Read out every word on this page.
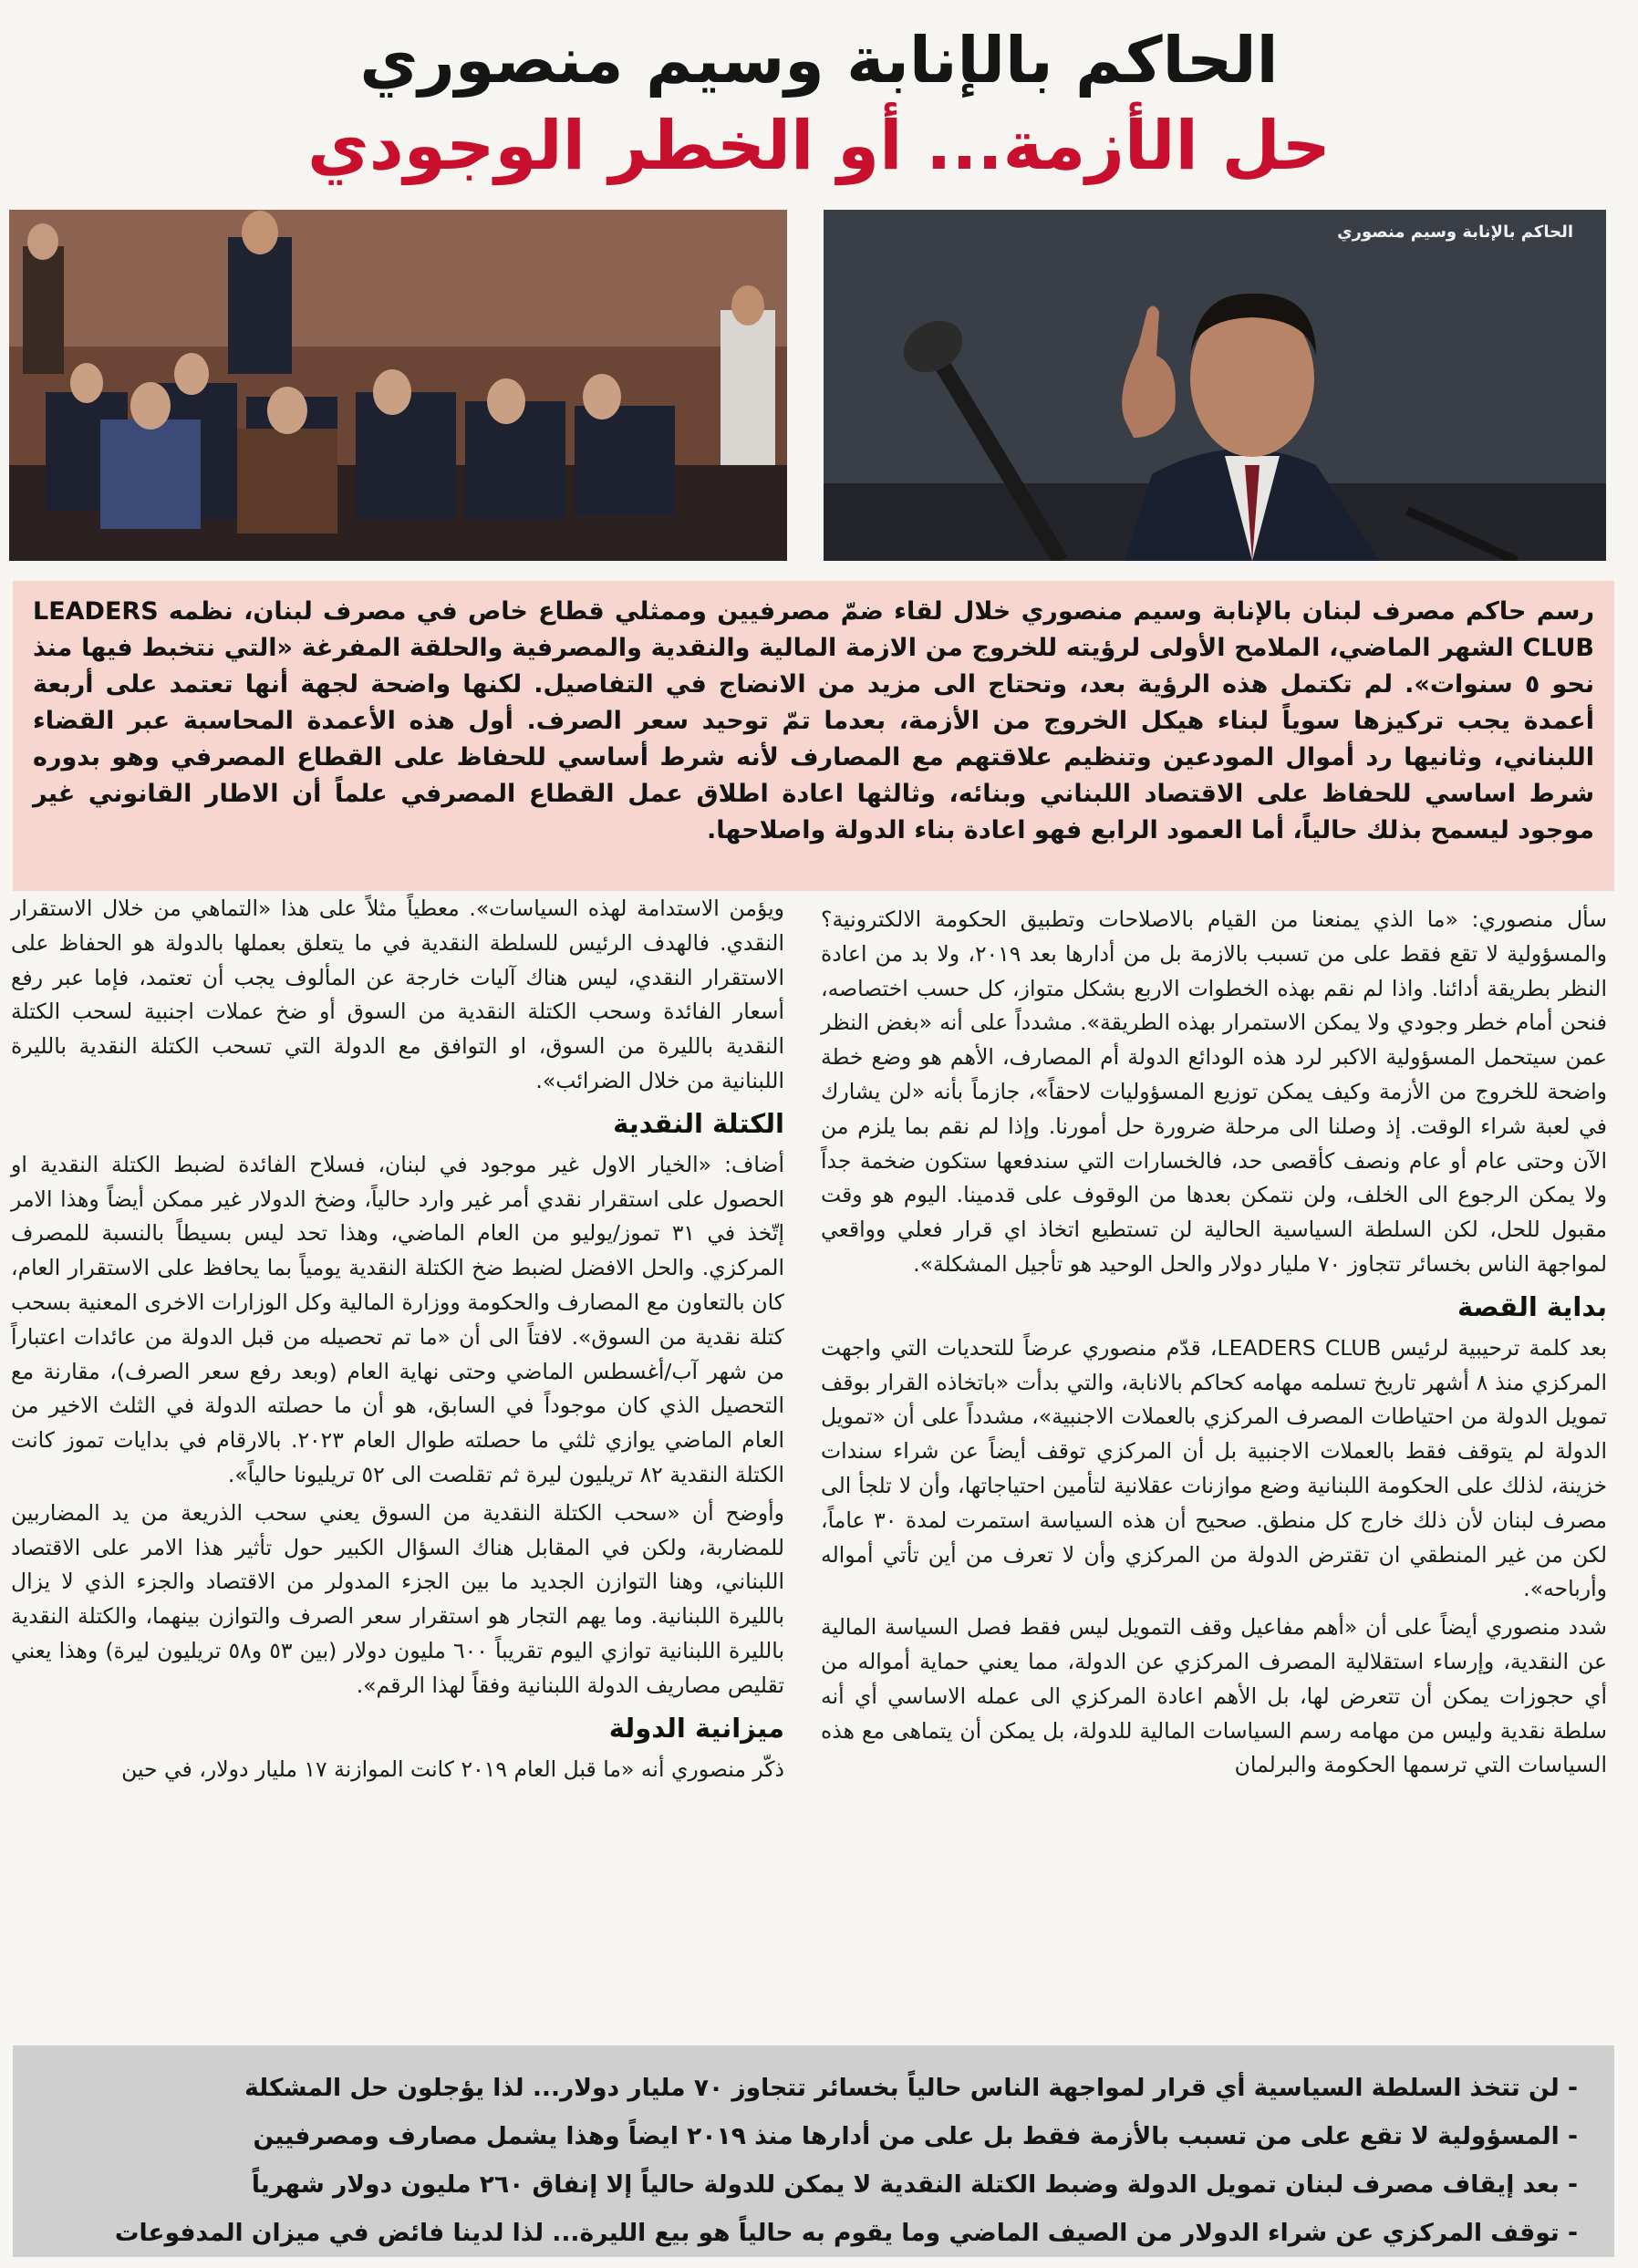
الحاكم بالإنابة وسيم منصوري
حل الأزمة... أو الخطر الوجودي
الحاكم بالإنابة وسيم منصوري

رسم حاكم مصرف لبنان بالإنابة وسيم منصوري خلال لقاء ضمّ مصرفيين وممثلي قطاع خاص في مصرف لبنان، نظمه LEADERS CLUB الشهر الماضي، الملامح الأولى لرؤيته للخروج من الازمة المالية والنقدية والمصرفية والحلقة المفرغة «التي نتخبط فيها منذ نحو ٥ سنوات». لم تكتمل هذه الرؤية بعد، وتحتاج الى مزيد من الانضاج في التفاصيل. لكنها واضحة لجهة أنها تعتمد على أربعة أعمدة يجب تركيزها سوياً لبناء هيكل الخروج من الأزمة، بعدما تمّ توحيد سعر الصرف. أول هذه الأعمدة المحاسبة عبر القضاء اللبناني، وثانيها رد أموال المودعين وتنظيم علاقتهم مع المصارف لأنه شرط أساسي للحفاظ على القطاع المصرفي وهو بدوره شرط اساسي للحفاظ على الاقتصاد اللبناني وبنائه، وثالثها اعادة اطلاق عمل القطاع المصرفي علماً أن الاطار القانوني غير موجود ليسمح بذلك حالياً، أما العمود الرابع فهو اعادة بناء الدولة واصلاحها.

سأل منصوري: «ما الذي يمنعنا من القيام بالاصلاحات وتطبيق الحكومة الالكترونية؟ والمسؤولية لا تقع فقط على من تسبب بالازمة بل من أدارها بعد ٢٠١٩، ولا بد من اعادة النظر بطريقة أدائنا. واذا لم نقم بهذه الخطوات الاربع بشكل متواز، كل حسب اختصاصه، فنحن أمام خطر وجودي ولا يمكن الاستمرار بهذه الطريقة». مشدداً على أنه «بغض النظر عمن سيتحمل المسؤولية الاكبر لرد هذه الودائع الدولة أم المصارف، الأهم هو وضع خطة واضحة للخروج من الأزمة وكيف يمكن توزيع المسؤوليات لاحقاً»، جازماً بأنه «لن يشارك في لعبة شراء الوقت. إذ وصلنا الى مرحلة ضرورة حل أمورنا. وإذا لم نقم بما يلزم من الآن وحتى عام أو عام ونصف كأقصى حد، فالخسارات التي سندفعها ستكون ضخمة جداً ولا يمكن الرجوع الى الخلف، ولن نتمكن بعدها من الوقوف على قدمينا. اليوم هو وقت مقبول للحل، لكن السلطة السياسية الحالية لن تستطيع اتخاذ اي قرار فعلي وواقعي لمواجهة الناس بخسائر تتجاوز ٧٠ مليار دولار والحل الوحيد هو تأجيل المشكلة».

بداية القصة

بعد كلمة ترحيبية لرئيس LEADERS CLUB، قدّم منصوري عرضاً للتحديات التي واجهت المركزي منذ ٨ أشهر تاريخ تسلمه مهامه كحاكم بالانابة، والتي بدأت «باتخاذه القرار بوقف تمويل الدولة من احتياطات المصرف المركزي بالعملات الاجنبية»، مشدداً على أن «تمويل الدولة لم يتوقف فقط بالعملات الاجنبية بل أن المركزي توقف أيضاً عن شراء سندات خزينة، لذلك على الحكومة اللبنانية وضع موازنات عقلانية لتأمين احتياجاتها، وأن لا تلجأ الى مصرف لبنان لأن ذلك خارج كل منطق. صحيح أن هذه السياسة استمرت لمدة ٣٠ عاماً، لكن من غير المنطقي ان تقترض الدولة من المركزي وأن لا تعرف من أين تأتي أمواله وأرباحه».

شدد منصوري أيضاً على أن «أهم مفاعيل وقف التمويل ليس فقط فصل السياسة المالية عن النقدية، وإرساء استقلالية المصرف المركزي عن الدولة، مما يعني حماية أمواله من أي حجوزات يمكن أن تتعرض لها، بل الأهم اعادة المركزي الى عمله الاساسي أي أنه سلطة نقدية وليس من مهامه رسم السياسات المالية للدولة، بل يمكن أن يتماهى مع هذه السياسات التي ترسمها الحكومة والبرلمان

ويؤمن الاستدامة لهذه السياسات». معطياً مثلاً على هذا «التماهي من خلال الاستقرار النقدي. فالهدف الرئيس للسلطة النقدية في ما يتعلق بعملها بالدولة هو الحفاظ على الاستقرار النقدي، ليس هناك آليات خارجة عن المألوف يجب أن تعتمد، فإما عبر رفع أسعار الفائدة وسحب الكتلة النقدية من السوق أو ضخ عملات اجنبية لسحب الكتلة النقدية بالليرة من السوق، او التوافق مع الدولة التي تسحب الكتلة النقدية بالليرة اللبنانية من خلال الضرائب».

الكتلة النقدية

أضاف: «الخيار الاول غير موجود في لبنان، فسلاح الفائدة لضبط الكتلة النقدية او الحصول على استقرار نقدي أمر غير وارد حالياً، وضخ الدولار غير ممكن أيضاً وهذا الامر إتّخذ في ٣١ تموز/يوليو من العام الماضي، وهذا تحد ليس بسيطاً بالنسبة للمصرف المركزي. والحل الافضل لضبط ضخ الكتلة النقدية يومياً بما يحافظ على الاستقرار العام، كان بالتعاون مع المصارف والحكومة ووزارة المالية وكل الوزارات الاخرى المعنية بسحب كتلة نقدية من السوق». لافتاً الى أن «ما تم تحصيله من قبل الدولة من عائدات اعتباراً من شهر آب/أغسطس الماضي وحتى نهاية العام (وبعد رفع سعر الصرف)، مقارنة مع التحصيل الذي كان موجوداً في السابق، هو أن ما حصلته الدولة في الثلث الاخير من العام الماضي يوازي ثلثي ما حصلته طوال العام ٢٠٢٣. بالارقام في بدايات تموز كانت الكتلة النقدية ٨٢ تريليون ليرة ثم تقلصت الى ٥٢ تريليونا حالياً».

وأوضح أن «سحب الكتلة النقدية من السوق يعني سحب الذريعة من يد المضاربين للمضاربة، ولكن في المقابل هناك السؤال الكبير حول تأثير هذا الامر على الاقتصاد اللبناني، وهنا التوازن الجديد ما بين الجزء المدولر من الاقتصاد والجزء الذي لا يزال بالليرة اللبنانية. وما يهم التجار هو استقرار سعر الصرف والتوازن بينهما، والكتلة النقدية بالليرة اللبنانية توازي اليوم تقريباً ٦٠٠ مليون دولار (بين ٥٣ و٥٨ تريليون ليرة) وهذا يعني تقليص مصاريف الدولة اللبنانية وفقاً لهذا الرقم».

ميزانية الدولة

ذكّر منصوري أنه «ما قبل العام ٢٠١٩ كانت الموازنة ١٧ مليار دولار، في حين

- لن تتخذ السلطة السياسية أي قرار لمواجهة الناس حالياً بخسائر تتجاوز ٧٠ مليار دولار... لذا يؤجلون حل المشكلة
- المسؤولية لا تقع على من تسبب بالأزمة فقط بل على من أدارها منذ ٢٠١٩ ايضاً وهذا يشمل مصارف ومصرفيين
- بعد إيقاف مصرف لبنان تمويل الدولة وضبط الكتلة النقدية لا يمكن للدولة حالياً إلا إنفاق ٢٦٠ مليون دولار شهرياً
- توقف المركزي عن شراء الدولار من الصيف الماضي وما يقوم به حالياً هو بيع الليرة... لذا لدينا فائض في ميزان المدفوعات
